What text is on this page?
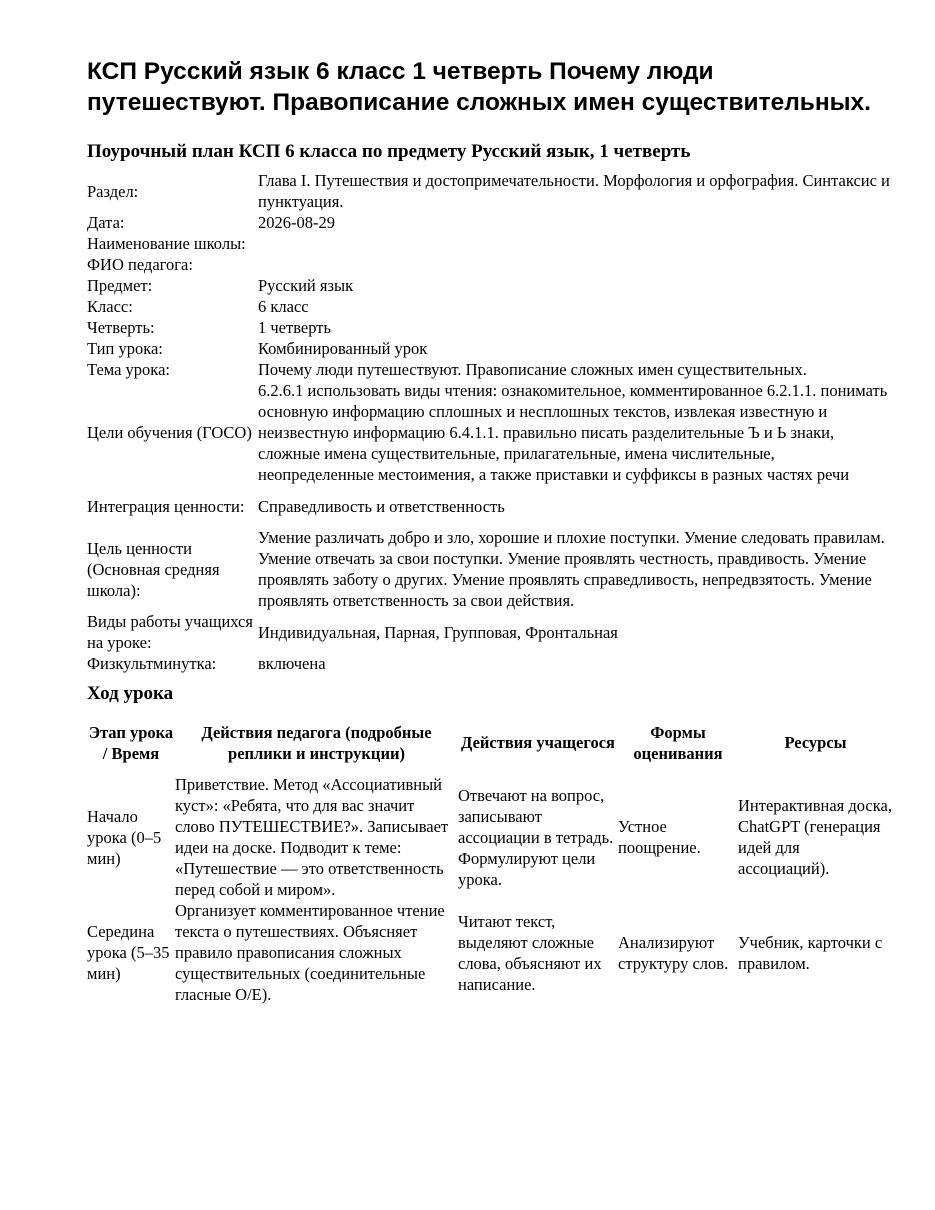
КСП Русский язык 6 класс 1 четверть Почему люди путешествуют. Правописание сложных имен существительных.
Поурочный план КСП 6 класса по предмету Русский язык, 1 четверть
Раздел:	Глава I. Путешествия и достопримечательности. Морфология и орфография. Синтаксис и пунктуация.
Дата:	2026-08-29
Наименование школы:	
ФИО педагога:	
Предмет:	Русский язык
Класс:	6 класс
Четверть:	1 четверть
Тип урока:	Комбинированный урок
Тема урока:	Почему люди путешествуют. Правописание сложных имен существительных.
Цели обучения (ГОСО)	6.2.6.1 использовать виды чтения: ознакомительное, комментированное 6.2.1.1. понимать основную информацию сплошных и несплошных текстов, извлекая известную и неизвестную информацию 6.4.1.1. правильно писать разделительные Ъ и Ь знаки, сложные имена существительные, прилагательные, имена числительные, неопределенные местоимения, а также приставки и суффиксы в разных частях речи
Интеграция ценности:	Справедливость и ответственность
Цель ценности (Основная средняя школа):	Умение различать добро и зло, хорошие и плохие поступки. Умение следовать правилам. Умение отвечать за свои поступки. Умение проявлять честность, правдивость. Умение проявлять заботу о других. Умение проявлять справедливость, непредвзятость. Умение проявлять ответственность за свои действия.
Виды работы учащихся на уроке:	Индивидуальная, Парная, Групповая, Фронтальная
Физкультминутка:	включена
Ход урока
Этап урока / Время	Действия педагога (подробные реплики и инструкции)	Действия учащегося	Формы оценивания	Ресурсы
Начало урока (0–5 мин)	Приветствие. Метод «Ассоциативный куст»: «Ребята, что для вас значит слово ПУТЕШЕСТВИЕ?». Записывает идеи на доске. Подводит к теме: «Путешествие — это ответственность перед собой и миром».	Отвечают на вопрос, записывают ассоциации в тетрадь. Формулируют цели урока.	Устное поощрение.	Интерактивная доска, ChatGPT (генерация идей для ассоциаций).
Середина урока (5–35 мин)	Организует комментированное чтение текста о путешествиях. Объясняет правило правописания сложных существительных (соединительные гласные О/Е).	Читают текст, выделяют сложные слова, объясняют их написание.	Анализируют структуру слов.	Учебник, карточки с правилом.
